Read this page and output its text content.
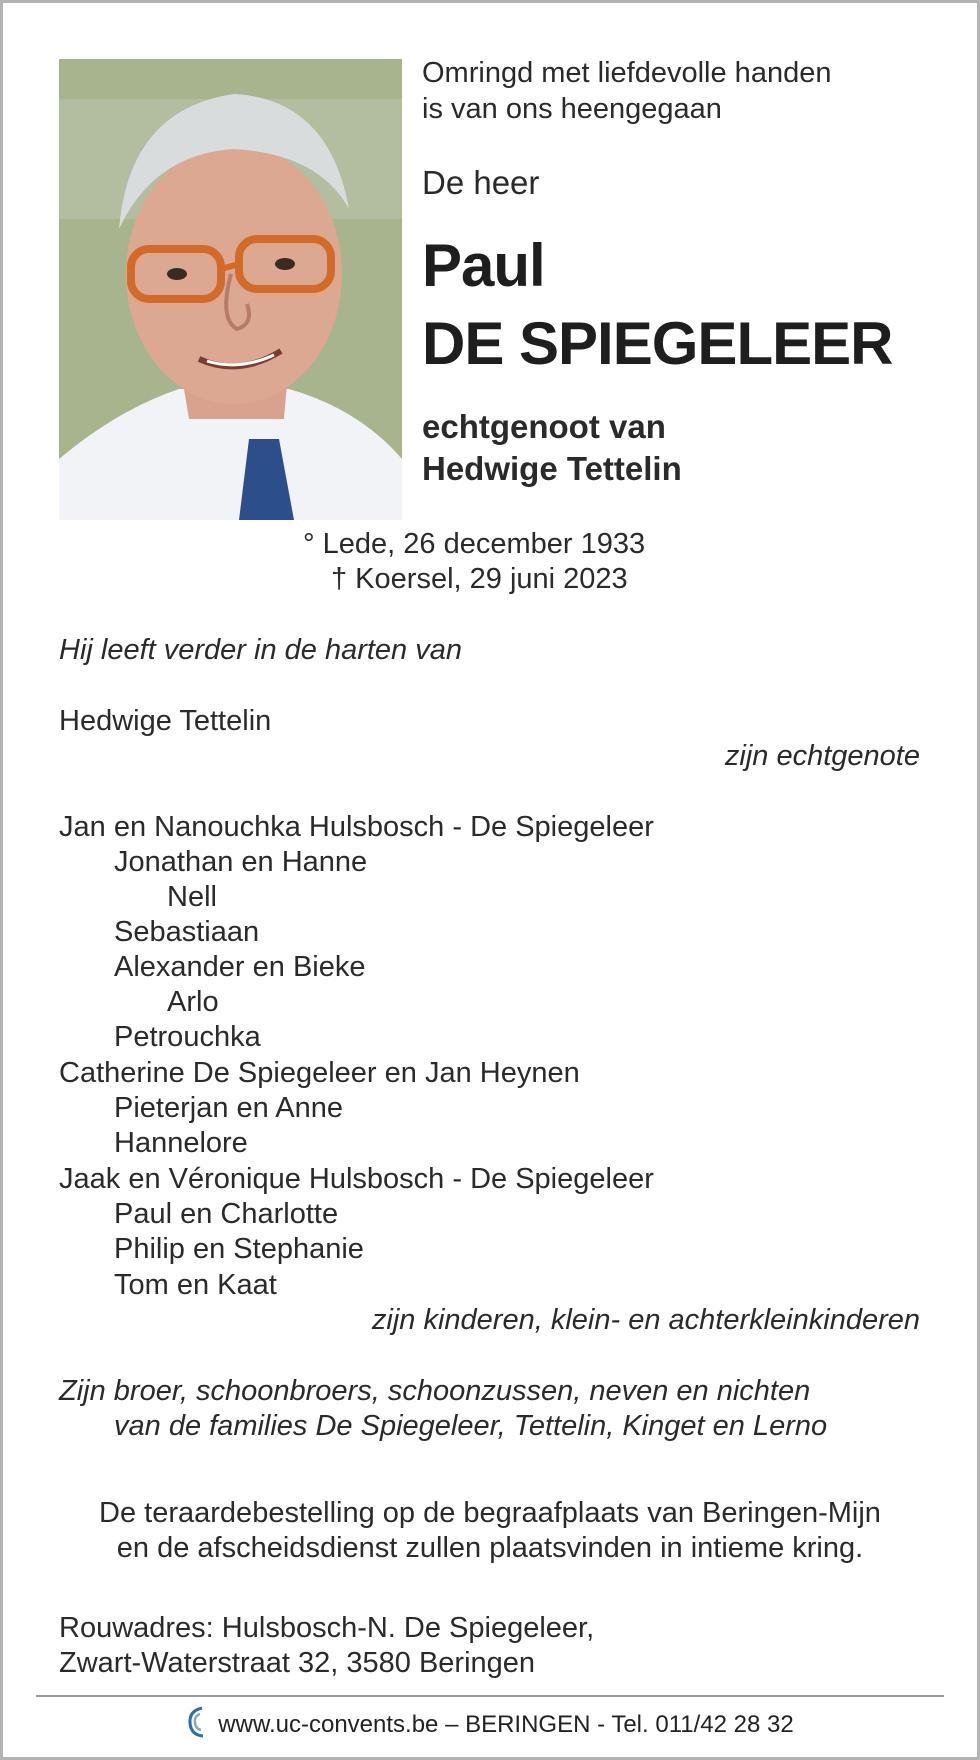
Omringd met liefdevolle handen
is van ons heengegaan
De heer
Paul
DE SPIEGELEER
echtgenoot van
Hedwige Tettelin
° Lede, 26 december 1933
† Koersel, 29 juni 2023
Hij leeft verder in de harten van
Hedwige Tettelin
zijn echtgenote
Jan en Nanouchka Hulsbosch - De Spiegeleer
Jonathan en Hanne
Nell
Sebastiaan
Alexander en Bieke
Arlo
Petrouchka
Catherine De Spiegeleer en Jan Heynen
Pieterjan en Anne
Hannelore
Jaak en Véronique Hulsbosch - De Spiegeleer
Paul en Charlotte
Philip en Stephanie
Tom en Kaat
zijn kinderen, klein- en achterkleinkinderen
Zijn broer, schoonbroers, schoonzussen, neven en nichten
van de families De Spiegeleer, Tettelin, Kinget en Lerno
De teraardebestelling op de begraafplaats van Beringen-Mijn
en de afscheidsdienst zullen plaatsvinden in intieme kring.
Rouwadres: Hulsbosch-N. De Spiegeleer,
Zwart-Waterstraat 32, 3580 Beringen
www.uc-convents.be – BERINGEN - Tel. 011/42 28 32
